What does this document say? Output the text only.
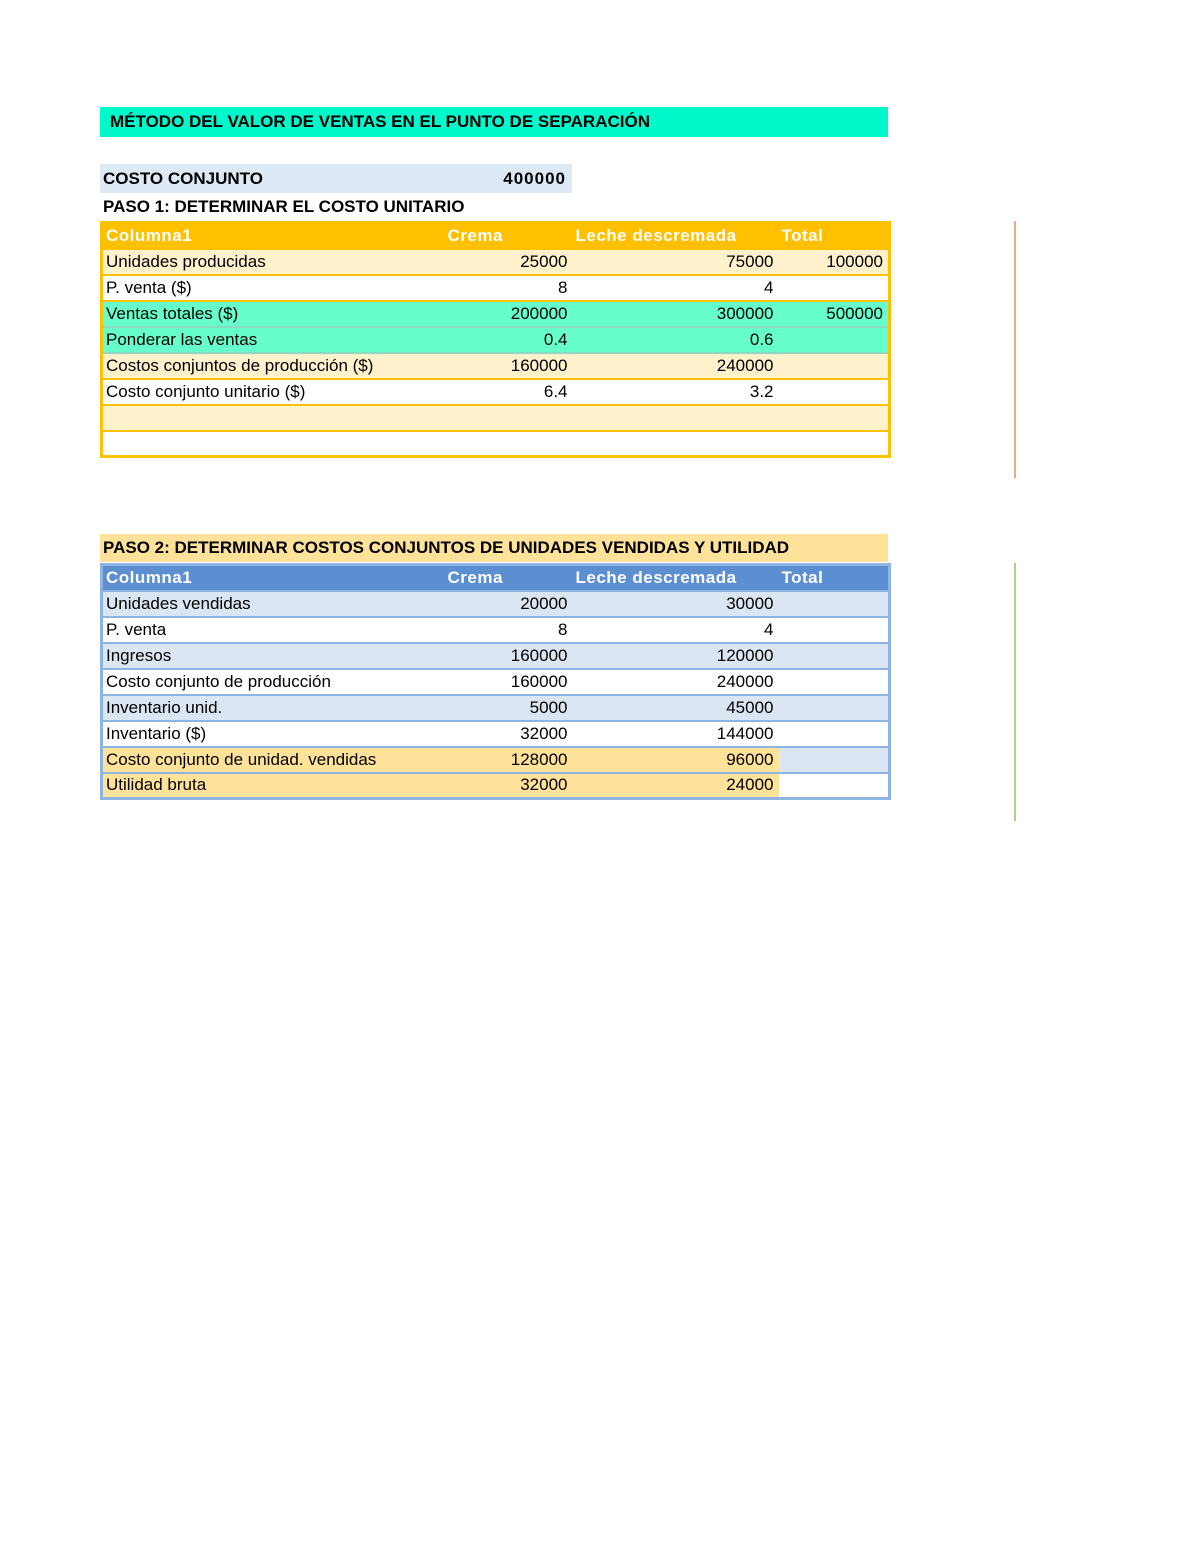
MÉTODO DEL VALOR DE VENTAS EN EL PUNTO DE SEPARACIÓN
COSTO CONJUNTO	400000
PASO 1: DETERMINAR EL COSTO UNITARIO
Columna1	Crema	Leche descremada	Total
Unidades producidas	25000	75000	100000
P. venta ($)	8	4	
Ventas totales ($)	200000	300000	500000
Ponderar las ventas	0.4	0.6	
Costos conjuntos de producción ($)	160000	240000	
Costo conjunto unitario ($)	6.4	3.2	

PASO 2: DETERMINAR COSTOS CONJUNTOS DE UNIDADES VENDIDAS Y UTILIDAD
Columna1	Crema	Leche descremada	Total
Unidades vendidas	20000	30000	
P. venta	8	4	
Ingresos	160000	120000	
Costo conjunto de producción	160000	240000	
Inventario unid.	5000	45000	
Inventario ($)	32000	144000	
Costo conjunto de unidad. vendidas	128000	96000	
Utilidad bruta	32000	24000	
